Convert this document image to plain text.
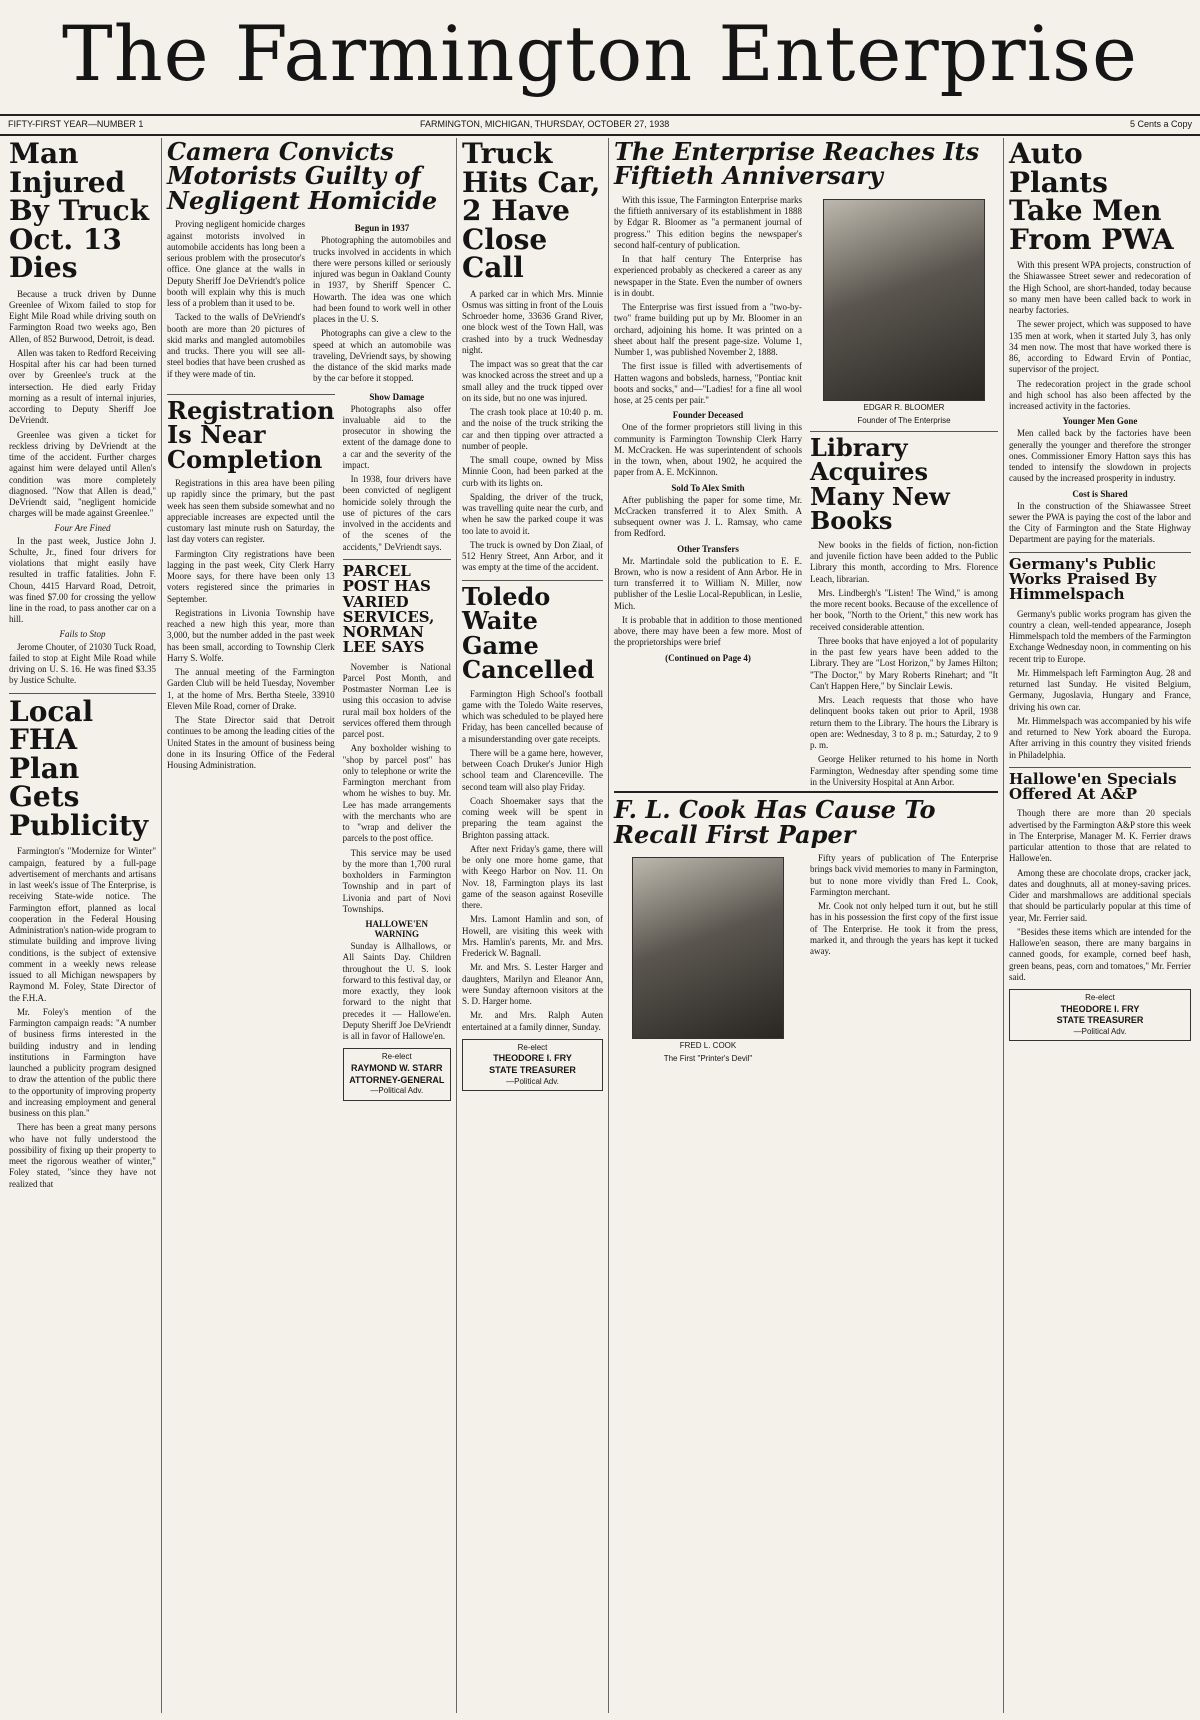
The Farmington Enterprise
FIFTY-FIRST YEAR—NUMBER 1	FARMINGTON, MICHIGAN, THURSDAY, OCTOBER 27, 1938	5 Cents a Copy
Man Injured By Truck Oct. 13 Dies

Because a truck driven by Dunne Greenlee of Wixom failed to stop for Eight Mile Road while driving south on Farmington Road two weeks ago, Ben Allen, of 852 Burwood, Detroit, is dead.

Allen was taken to Redford Receiving Hospital after his car had been turned over by Greenlee's truck at the intersection. He died early Friday morning as a result of internal injuries, according to Deputy Sheriff Joe DeVriendt.

Greenlee was given a ticket for reckless driving by DeVriendt at the time of the accident. Further charges against him were delayed until Allen's condition was more completely diagnosed. "Now that Allen is dead," DeVriendt said, "negligent homicide charges will be made against Greenlee."

Four Are Fined

In the past week, Justice John J. Schulte, Jr., fined four drivers for violations that might easily have resulted in traffic fatalities. John F. Choun, 4415 Harvard Road, Detroit, was fined $7.00 for crossing the yellow line in the road, to pass another car on a hill.

Fails to Stop

Jerome Chouter, of 21030 Tuck Road, failed to stop at Eight Mile Road while driving on U. S. 16. He was fined $3.35 by Justice Schulte.

Local FHA Plan Gets Publicity

Farmington's "Modernize for Winter" campaign, featured by a full-page advertisement of merchants and artisans in last week's issue of The Enterprise, is receiving State-wide notice. The Farmington effort, planned as local cooperation in the Federal Housing Administration's nation-wide program to stimulate building and improve living conditions, is the subject of extensive comment in a weekly news release issued to all Michigan newspapers by Raymond M. Foley, State Director of the F.H.A.

Mr. Foley's mention of the Farmington campaign reads: "A number of business firms interested in the building industry and in lending institutions in Farmington have launched a publicity program designed to draw the attention of the public there to the opportunity of improving property and increasing employment and general business on this plan."

There has been a great many persons who have not fully understood the possibility of fixing up their property to meet the rigorous weather of winter," Foley stated, "since they have not realized that

Camera Convicts Motorists Guilty of Negligent Homicide

Proving negligent homicide charges against motorists involved in automobile accidents has long been a serious problem with the prosecutor's office. One glance at the walls in Deputy Sheriff Joe DeVriendt's police booth will explain why this is much less of a problem than it used to be.

Tacked to the walls of DeVriendt's booth are more than 20 pictures of skid marks and mangled automobiles and trucks. There you will see all-steel bodies that have been crushed as if they were made of tin.

Begun in 1937

Photographing the automobiles and trucks involved in accidents in which there were persons killed or seriously injured was begun in Oakland County in 1937, by Sheriff Spencer C. Howarth. The idea was one which had been found to work well in other places in the U. S.

Photographs can give a clew to the speed at which an automobile was traveling, DeVriendt says, by showing the distance of the skid marks made by the car before it stopped.

Registration Is Near Completion

Registrations in this area have been piling up rapidly since the primary, but the past week has seen them subside somewhat and no appreciable increases are expected until the customary last minute rush on Saturday, the last day voters can register.

Farmington City registrations have been lagging in the past week, City Clerk Harry Moore says, for there have been only 13 voters registered since the primaries in September.

Registrations in Livonia Township have reached a new high this year, more than 3,000, but the number added in the past week has been small, according to Township Clerk Harry S. Wolfe.

The annual meeting of the Farmington Garden Club will be held Tuesday, November 1, at the home of Mrs. Bertha Steele, 33910 Eleven Mile Road, corner of Drake.

The State Director said that Detroit continues to be among the leading cities of the United States in the amount of business being done in its Insuring Office of the Federal Housing Administration.

Show Damage

Photographs also offer invaluable aid to the prosecutor in showing the extent of the damage done to a car and the severity of the impact.

In 1938, four drivers have been convicted of negligent homicide solely through the use of pictures of the cars involved in the accidents and of the scenes of the accidents," DeVriendt says.

PARCEL POST HAS VARIED SERVICES, NORMAN LEE SAYS

November is National Parcel Post Month, and Postmaster Norman Lee is using this occasion to advise rural mail box holders of the services offered them through parcel post.

Any boxholder wishing to "shop by parcel post" has only to telephone or write the Farmington merchant from whom he wishes to buy. Mr. Lee has made arrangements with the merchants who are to "wrap and deliver the parcels to the post office.

This service may be used by the more than 1,700 rural boxholders in Farmington Township and in part of Livonia and part of Novi Townships.

HALLOWE'EN WARNING

Sunday is Allhallows, or All Saints Day. Children throughout the U. S. look forward to this festival day, or more exactly, they look forward to the night that precedes it — Hallowe'en. Deputy Sheriff Joe DeVriendt is all in favor of Hallowe'en.

Re-elect
RAYMOND W. STARR
ATTORNEY-GENERAL
—Political Adv.
Truck Hits Car, 2 Have Close Call

A parked car in which Mrs. Minnie Osmus was sitting in front of the Louis Schroeder home, 33636 Grand River, one block west of the Town Hall, was crashed into by a truck Wednesday night.

The impact was so great that the car was knocked across the street and up a small alley and the truck tipped over on its side, but no one was injured.

The crash took place at 10:40 p. m. and the noise of the truck striking the car and then tipping over attracted a number of people.

The small coupe, owned by Miss Minnie Coon, had been parked at the curb with its lights on.

Spalding, the driver of the truck, was travelling quite near the curb, and when he saw the parked coupe it was too late to avoid it.

The truck is owned by Don Ziaal, of 512 Henry Street, Ann Arbor, and it was empty at the time of the accident.

Toledo Waite Game Cancelled

Farmington High School's football game with the Toledo Waite reserves, which was scheduled to be played here Friday, has been cancelled because of a misunderstanding over gate receipts.

There will be a game here, however, between Coach Druker's Junior High school team and Clarenceville. The second team will also play Friday.

Coach Shoemaker says that the coming week will be spent in preparing the team against the Brighton passing attack.

After next Friday's game, there will be only one more home game, that with Keego Harbor on Nov. 11. On Nov. 18, Farmington plays its last game of the season against Roseville there.

Mrs. Lamont Hamlin and son, of Howell, are visiting this week with Mrs. Hamlin's parents, Mr. and Mrs. Frederick W. Bagnall.

Mr. and Mrs. S. Lester Harger and daughters, Marilyn and Eleanor Ann, were Sunday afternoon visitors at the S. D. Harger home.

Mr. and Mrs. Ralph Auten entertained at a family dinner, Sunday.

Re-elect
THEODORE I. FRY
STATE TREASURER
—Political Adv.
The Enterprise Reaches Its Fiftieth Anniversary

With this issue, The Farmington Enterprise marks the fiftieth anniversary of its establishment in 1888 by Edgar R. Bloomer as "a permanent journal of progress." This edition begins the newspaper's second half-century of publication.

In that half century The Enterprise has experienced probably as checkered a career as any newspaper in the State. Even the number of owners is in doubt.

The Enterprise was first issued from a "two-by-two" frame building put up by Mr. Bloomer in an orchard, adjoining his home. It was printed on a sheet about half the present page-size. Volume 1, Number 1, was published November 2, 1888.

The first issue is filled with advertisements of Hatten wagons and bobsleds, harness, "Pontiac knit boots and socks," and—"Ladies! for a fine all wool hose, at 25 cents per pair."

Founder Deceased

One of the former proprietors still living in this community is Farmington Township Clerk Harry M. McCracken. He was superintendent of schools in the town, when, about 1902, he acquired the paper from A. E. McKinnon.

Sold To Alex Smith

After publishing the paper for some time, Mr. McCracken transferred it to Alex Smith. A subsequent owner was J. L. Ramsay, who came from Redford.

Other Transfers

Mr. Martindale sold the publication to E. E. Brown, who is now a resident of Ann Arbor. He in turn transferred it to William N. Miller, now publisher of the Leslie Local-Republican, in Leslie, Mich.

It is probable that in addition to those mentioned above, there may have been a few more. Most of the proprietorships were brief

(Continued on Page 4)
EDGAR R. BLOOMER
Founder of The Enterprise
Library Acquires Many New Books

New books in the fields of fiction, non-fiction and juvenile fiction have been added to the Public Library this month, according to Mrs. Florence Leach, librarian.

Mrs. Lindbergh's "Listen! The Wind," is among the more recent books. Because of the excellence of her book, "North to the Orient," this new work has received considerable attention.

Three books that have enjoyed a lot of popularity in the past few years have been added to the Library. They are "Lost Horizon," by James Hilton; "The Doctor," by Mary Roberts Rinehart; and "It Can't Happen Here," by Sinclair Lewis.

Mrs. Leach requests that those who have delinquent books taken out prior to April, 1938 return them to the Library. The hours the Library is open are: Wednesday, 3 to 8 p. m.; Saturday, 2 to 9 p. m.

George Heliker returned to his home in North Farmington, Wednesday after spending some time in the University Hospital at Ann Arbor.

F. L. Cook Has Cause To Recall First Paper
FRED L. COOK
The First "Printer's Devil"

Fifty years of publication of The Enterprise brings back vivid memories to many in Farmington, but to none more vividly than Fred L. Cook, Farmington merchant.

Mr. Cook not only helped turn it out, but he still has in his possession the first copy of the first issue of The Enterprise. He took it from the press, marked it, and through the years has kept it tucked away.

Auto Plants Take Men From PWA

With this present WPA projects, construction of the Shiawassee Street sewer and redecoration of the High School, are short-handed, today because so many men have been called back to work in nearby factories.

The sewer project, which was supposed to have 135 men at work, when it started July 3, has only 34 men now. The most that have worked there is 86, according to Edward Ervin of Pontiac, supervisor of the project.

The redecoration project in the grade school and high school has also been affected by the increased activity in the factories.

Younger Men Gone

Men called back by the factories have been generally the younger and therefore the stronger ones. Commissioner Emory Hatton says this has tended to intensify the slowdown in projects caused by the increased prosperity in industry.

Cost is Shared

In the construction of the Shiawassee Street sewer the PWA is paying the cost of the labor and the City of Farmington and the State Highway Department are paying for the materials.

Germany's Public Works Praised By Himmelspach

Germany's public works program has given the country a clean, well-tended appearance, Joseph Himmelspach told the members of the Farmington Exchange Wednesday noon, in commenting on his recent trip to Europe.

Mr. Himmelspach left Farmington Aug. 28 and returned last Sunday. He visited Belgium, Germany, Jugoslavia, Hungary and France, driving his own car.

Mr. Himmelspach was accompanied by his wife and returned to New York aboard the Europa. After arriving in this country they visited friends in Philadelphia.

Hallowe'en Specials Offered At A&P

Though there are more than 20 specials advertised by the Farmington A&P store this week in The Enterprise, Manager M. K. Ferrier draws particular attention to those that are related to Hallowe'en.

Among these are chocolate drops, cracker jack, dates and doughnuts, all at money-saving prices. Cider and marshmallows are additional specials that should be particularly popular at this time of year, Mr. Ferrier said.

"Besides these items which are intended for the Hallowe'en season, there are many bargains in canned goods, for example, corned beef hash, green beans, peas, corn and tomatoes," Mr. Ferrier said.

Re-elect
THEODORE I. FRY
STATE TREASURER
—Political Adv.
